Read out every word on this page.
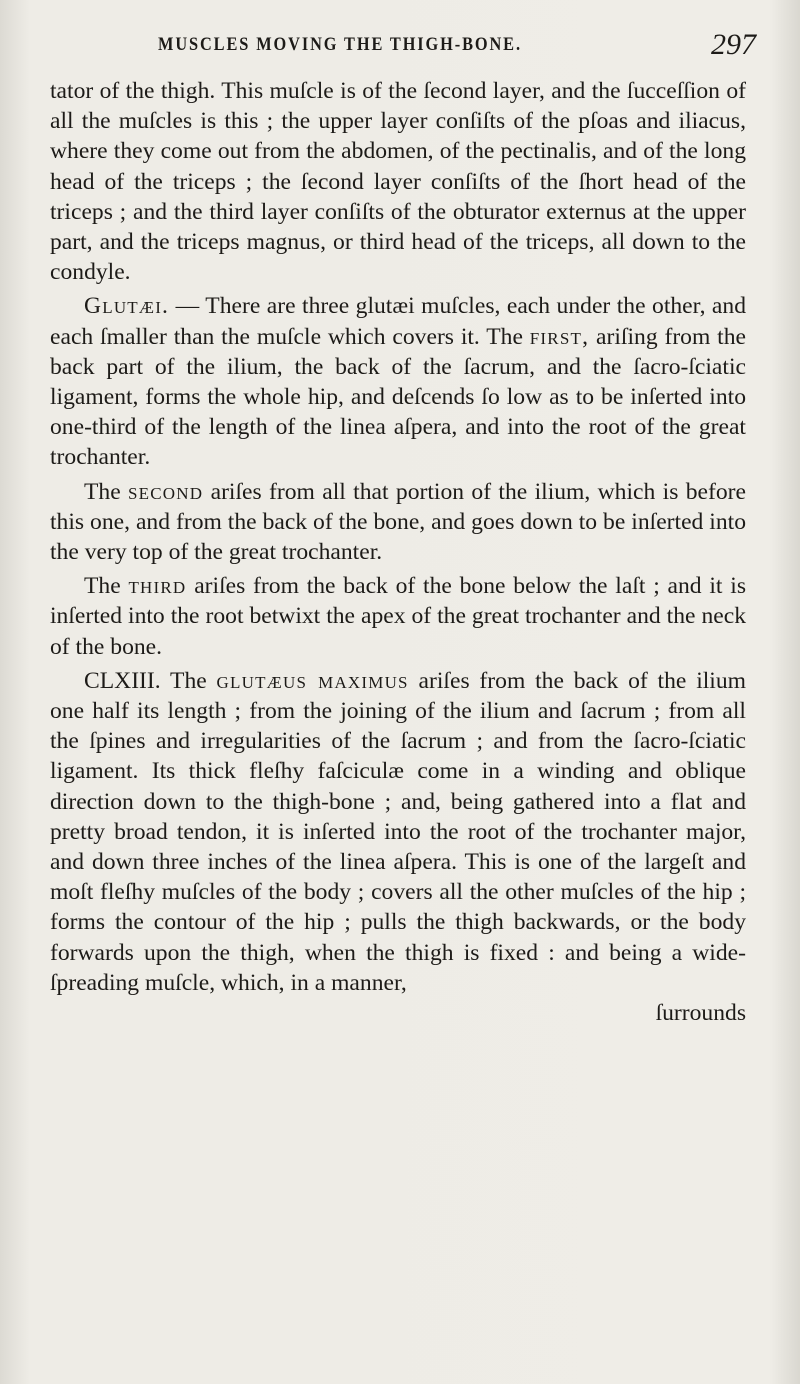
MUSCLES MOVING THE THIGH-BONE.	297

tator of the thigh. This muſcle is of the ſecond layer, and the ſucceſſion of all the muſcles is this ; the upper layer conſiſts of the pſoas and iliacus, where they come out from the abdomen, of the pectinalis, and of the long head of the triceps ; the ſecond layer conſiſts of the ſhort head of the triceps ; and the third layer conſiſts of the obturator externus at the upper part, and the triceps magnus, or third head of the triceps, all down to the condyle.

Glutæi. — There are three glutæi muſcles, each under the other, and each ſmaller than the muſcle which covers it. The first, ariſing from the back part of the ilium, the back of the ſacrum, and the ſacro-ſciatic ligament, forms the whole hip, and deſcends ſo low as to be inſerted into one-third of the length of the linea aſpera, and into the root of the great trochanter.

The second ariſes from all that portion of the ilium, which is before this one, and from the back of the bone, and goes down to be inſerted into the very top of the great trochanter.

The third ariſes from the back of the bone below the laſt ; and it is inſerted into the root betwixt the apex of the great trochanter and the neck of the bone.

CLXIII. The glutæus maximus ariſes from the back of the ilium one half its length ; from the joining of the ilium and ſacrum ; from all the ſpines and irregularities of the ſacrum ; and from the ſacro-ſciatic ligament. Its thick fleſhy faſciculæ come in a winding and oblique direction down to the thigh-bone ; and, being gathered into a flat and pretty broad tendon, it is inſerted into the root of the trochanter major, and down three inches of the linea aſpera. This is one of the largeſt and moſt fleſhy muſcles of the body ; covers all the other muſcles of the hip ; forms the contour of the hip ; pulls the thigh backwards, or the body forwards upon the thigh, when the thigh is fixed : and being a wide-ſpreading muſcle, which, in a manner,

ſurrounds
